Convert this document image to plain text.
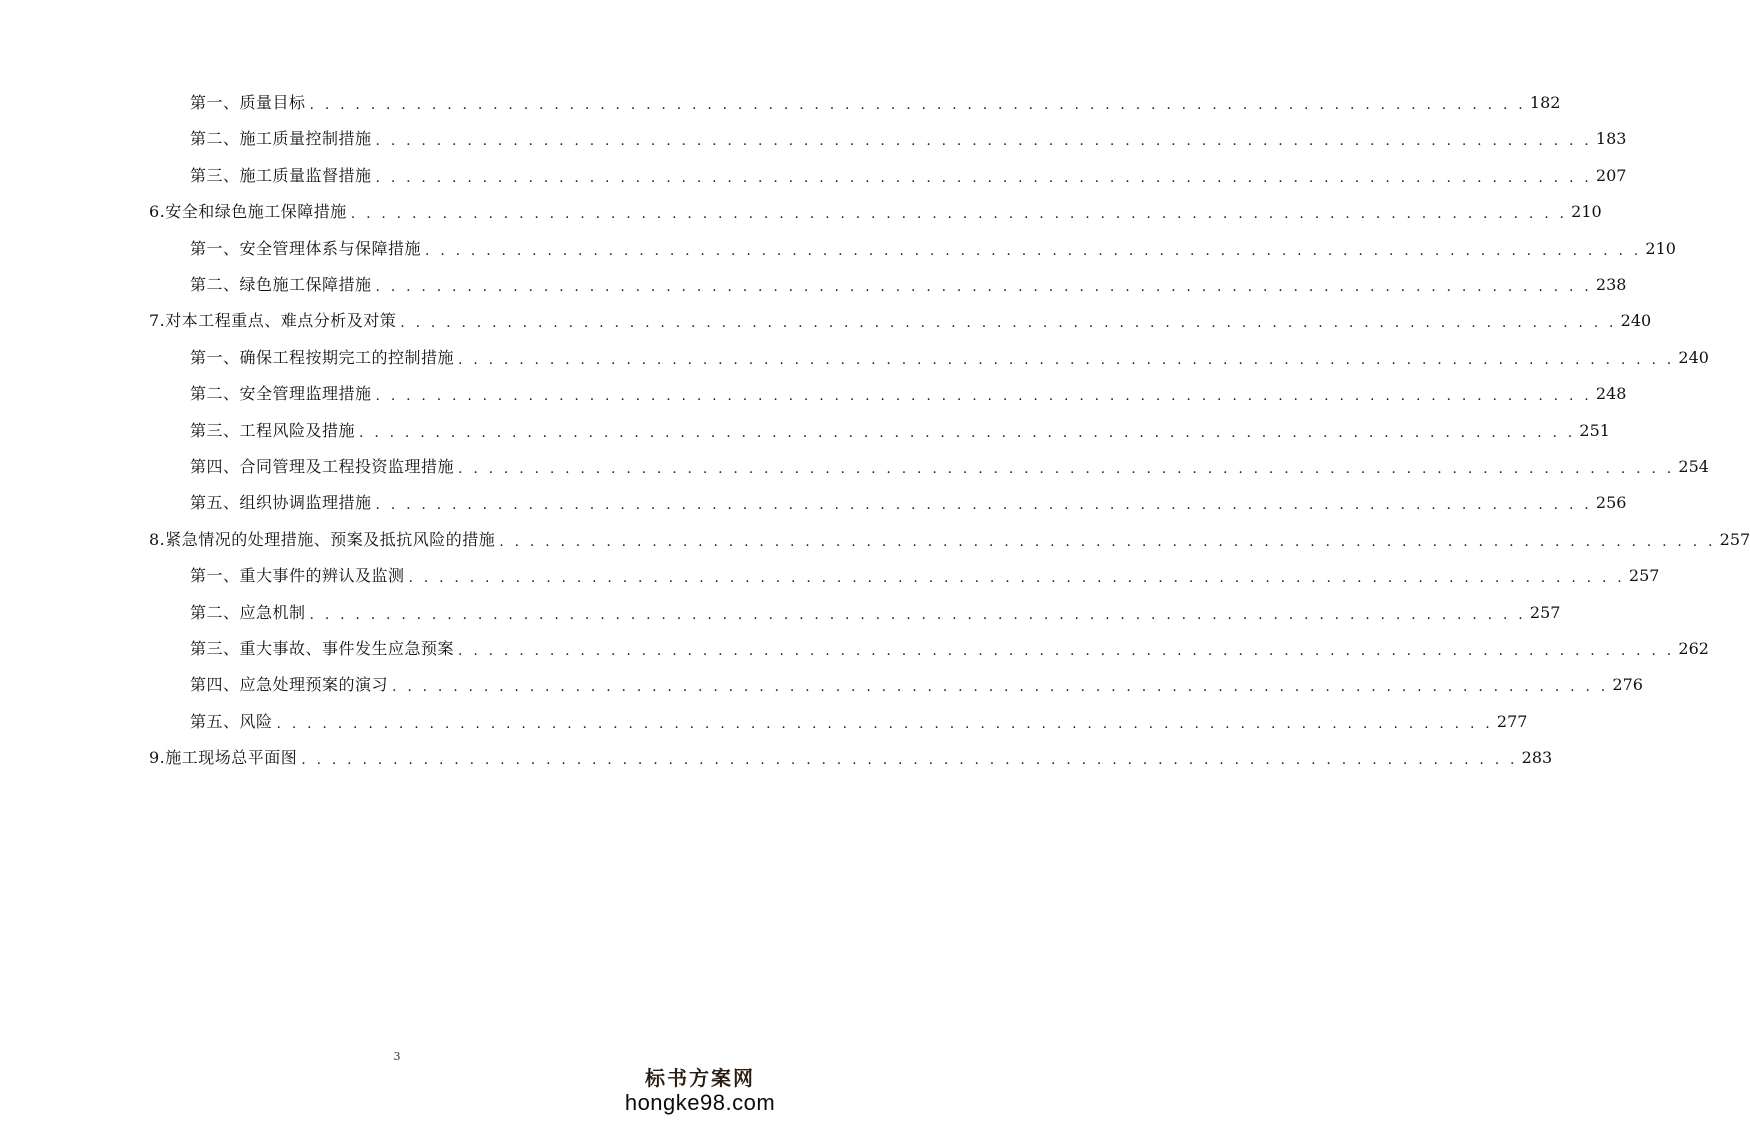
第一、质量目标 . . . . . . . . . . . . . . . . . . . . . . . . . . . . . . . . . . . . . . . . . . . . . . . . . . . . . . . . . . . . . . . . . . . . . . . . . . . . . . . . 182
第二、施工质量控制措施 . . . . . . . . . . . . . . . . . . . . . . . . . . . . . . . . . . . . . . . . . . . . . . . . . . . . . . . . . . . . . . . . . . . . . . . . . . . . . . . . 183
第三、施工质量监督措施 . . . . . . . . . . . . . . . . . . . . . . . . . . . . . . . . . . . . . . . . . . . . . . . . . . . . . . . . . . . . . . . . . . . . . . . . . . . . . . . . 207
6.安全和绿色施工保障措施 . . . . . . . . . . . . . . . . . . . . . . . . . . . . . . . . . . . . . . . . . . . . . . . . . . . . . . . . . . . . . . . . . . . . . . . . . . . . . . . . 210
第一、安全管理体系与保障措施 . . . . . . . . . . . . . . . . . . . . . . . . . . . . . . . . . . . . . . . . . . . . . . . . . . . . . . . . . . . . . . . . . . . . . . . . . . . . . . . . 210
第二、绿色施工保障措施 . . . . . . . . . . . . . . . . . . . . . . . . . . . . . . . . . . . . . . . . . . . . . . . . . . . . . . . . . . . . . . . . . . . . . . . . . . . . . . . . 238
7.对本工程重点、难点分析及对策 . . . . . . . . . . . . . . . . . . . . . . . . . . . . . . . . . . . . . . . . . . . . . . . . . . . . . . . . . . . . . . . . . . . . . . . . . . . . . . . . 240
第一、确保工程按期完工的控制措施 . . . . . . . . . . . . . . . . . . . . . . . . . . . . . . . . . . . . . . . . . . . . . . . . . . . . . . . . . . . . . . . . . . . . . . . . . . . . . . . . 240
第二、安全管理监理措施 . . . . . . . . . . . . . . . . . . . . . . . . . . . . . . . . . . . . . . . . . . . . . . . . . . . . . . . . . . . . . . . . . . . . . . . . . . . . . . . . 248
第三、工程风险及措施 . . . . . . . . . . . . . . . . . . . . . . . . . . . . . . . . . . . . . . . . . . . . . . . . . . . . . . . . . . . . . . . . . . . . . . . . . . . . . . . . 251
第四、合同管理及工程投资监理措施 . . . . . . . . . . . . . . . . . . . . . . . . . . . . . . . . . . . . . . . . . . . . . . . . . . . . . . . . . . . . . . . . . . . . . . . . . . . . . . . . 254
第五、组织协调监理措施 . . . . . . . . . . . . . . . . . . . . . . . . . . . . . . . . . . . . . . . . . . . . . . . . . . . . . . . . . . . . . . . . . . . . . . . . . . . . . . . . 256
8.紧急情况的处理措施、预案及抵抗风险的措施 . . . . . . . . . . . . . . . . . . . . . . . . . . . . . . . . . . . . . . . . . . . . . . . . . . . . . . . . . . . . . . . . . . . . . . . . . . . . . . . . 257
第一、重大事件的辨认及监测 . . . . . . . . . . . . . . . . . . . . . . . . . . . . . . . . . . . . . . . . . . . . . . . . . . . . . . . . . . . . . . . . . . . . . . . . . . . . . . . . 257
第二、应急机制 . . . . . . . . . . . . . . . . . . . . . . . . . . . . . . . . . . . . . . . . . . . . . . . . . . . . . . . . . . . . . . . . . . . . . . . . . . . . . . . . 257
第三、重大事故、事件发生应急预案 . . . . . . . . . . . . . . . . . . . . . . . . . . . . . . . . . . . . . . . . . . . . . . . . . . . . . . . . . . . . . . . . . . . . . . . . . . . . . . . . 262
第四、应急处理预案的演习 . . . . . . . . . . . . . . . . . . . . . . . . . . . . . . . . . . . . . . . . . . . . . . . . . . . . . . . . . . . . . . . . . . . . . . . . . . . . . . . . 276
第五、风险 . . . . . . . . . . . . . . . . . . . . . . . . . . . . . . . . . . . . . . . . . . . . . . . . . . . . . . . . . . . . . . . . . . . . . . . . . . . . . . . . 277
9.施工现场总平面图 . . . . . . . . . . . . . . . . . . . . . . . . . . . . . . . . . . . . . . . . . . . . . . . . . . . . . . . . . . . . . . . . . . . . . . . . . . . . . . . . 283
3
标书方案网
hongke98.com
